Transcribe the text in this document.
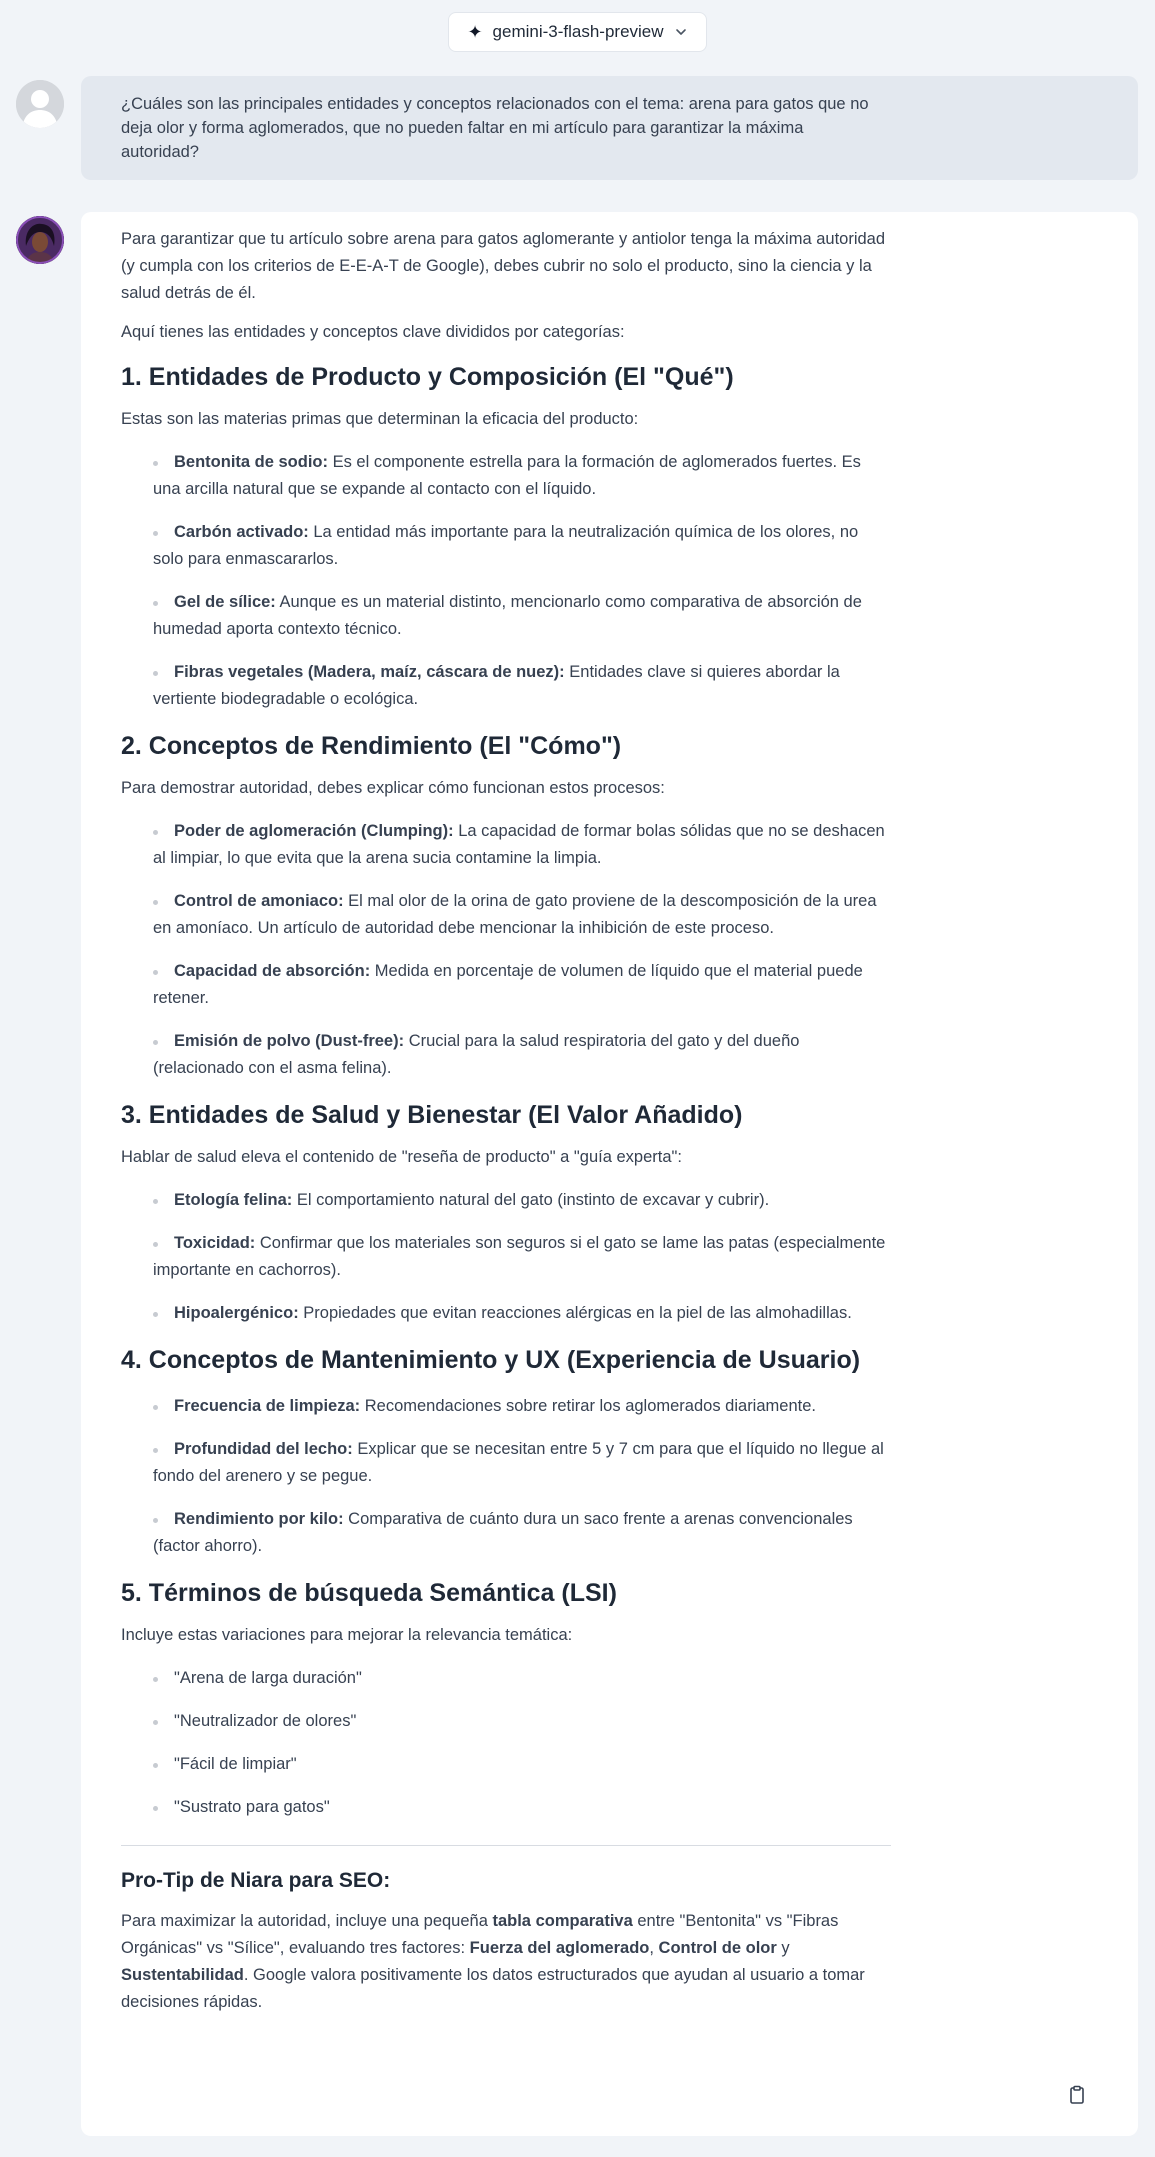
✦ gemini-3-flash-preview

¿Cuáles son las principales entidades y conceptos relacionados con el tema: arena para gatos que no deja olor y forma aglomerados, que no pueden faltar en mi artículo para garantizar la máxima autoridad?

Para garantizar que tu artículo sobre arena para gatos aglomerante y antiolor tenga la máxima autoridad (y cumpla con los criterios de E-E-A-T de Google), debes cubrir no solo el producto, sino la ciencia y la salud detrás de él.

Aquí tienes las entidades y conceptos clave divididos por categorías:

1. Entidades de Producto y Composición (El "Qué")

Estas son las materias primas que determinan la eficacia del producto:

Bentonita de sodio: Es el componente estrella para la formación de aglomerados fuertes. Es una arcilla natural que se expande al contacto con el líquido.
Carbón activado: La entidad más importante para la neutralización química de los olores, no solo para enmascararlos.
Gel de sílice: Aunque es un material distinto, mencionarlo como comparativa de absorción de humedad aporta contexto técnico.
Fibras vegetales (Madera, maíz, cáscara de nuez): Entidades clave si quieres abordar la vertiente biodegradable o ecológica.
2. Conceptos de Rendimiento (El "Cómo")

Para demostrar autoridad, debes explicar cómo funcionan estos procesos:

Poder de aglomeración (Clumping): La capacidad de formar bolas sólidas que no se deshacen al limpiar, lo que evita que la arena sucia contamine la limpia.
Control de amoniaco: El mal olor de la orina de gato proviene de la descomposición de la urea en amoníaco. Un artículo de autoridad debe mencionar la inhibición de este proceso.
Capacidad de absorción: Medida en porcentaje de volumen de líquido que el material puede retener.
Emisión de polvo (Dust-free): Crucial para la salud respiratoria del gato y del dueño (relacionado con el asma felina).
3. Entidades de Salud y Bienestar (El Valor Añadido)

Hablar de salud eleva el contenido de "reseña de producto" a "guía experta":

Etología felina: El comportamiento natural del gato (instinto de excavar y cubrir).
Toxicidad: Confirmar que los materiales son seguros si el gato se lame las patas (especialmente importante en cachorros).
Hipoalergénico: Propiedades que evitan reacciones alérgicas en la piel de las almohadillas.
4. Conceptos de Mantenimiento y UX (Experiencia de Usuario)
Frecuencia de limpieza: Recomendaciones sobre retirar los aglomerados diariamente.
Profundidad del lecho: Explicar que se necesitan entre 5 y 7 cm para que el líquido no llegue al fondo del arenero y se pegue.
Rendimiento por kilo: Comparativa de cuánto dura un saco frente a arenas convencionales (factor ahorro).
5. Términos de búsqueda Semántica (LSI)

Incluye estas variaciones para mejorar la relevancia temática:

"Arena de larga duración"
"Neutralizador de olores"
"Fácil de limpiar"
"Sustrato para gatos"
Pro-Tip de Niara para SEO:

Para maximizar la autoridad, incluye una pequeña tabla comparativa entre "Bentonita" vs "Fibras Orgánicas" vs "Sílice", evaluando tres factores: Fuerza del aglomerado, Control de olor y Sustentabilidad. Google valora positivamente los datos estructurados que ayudan al usuario a tomar decisiones rápidas.
